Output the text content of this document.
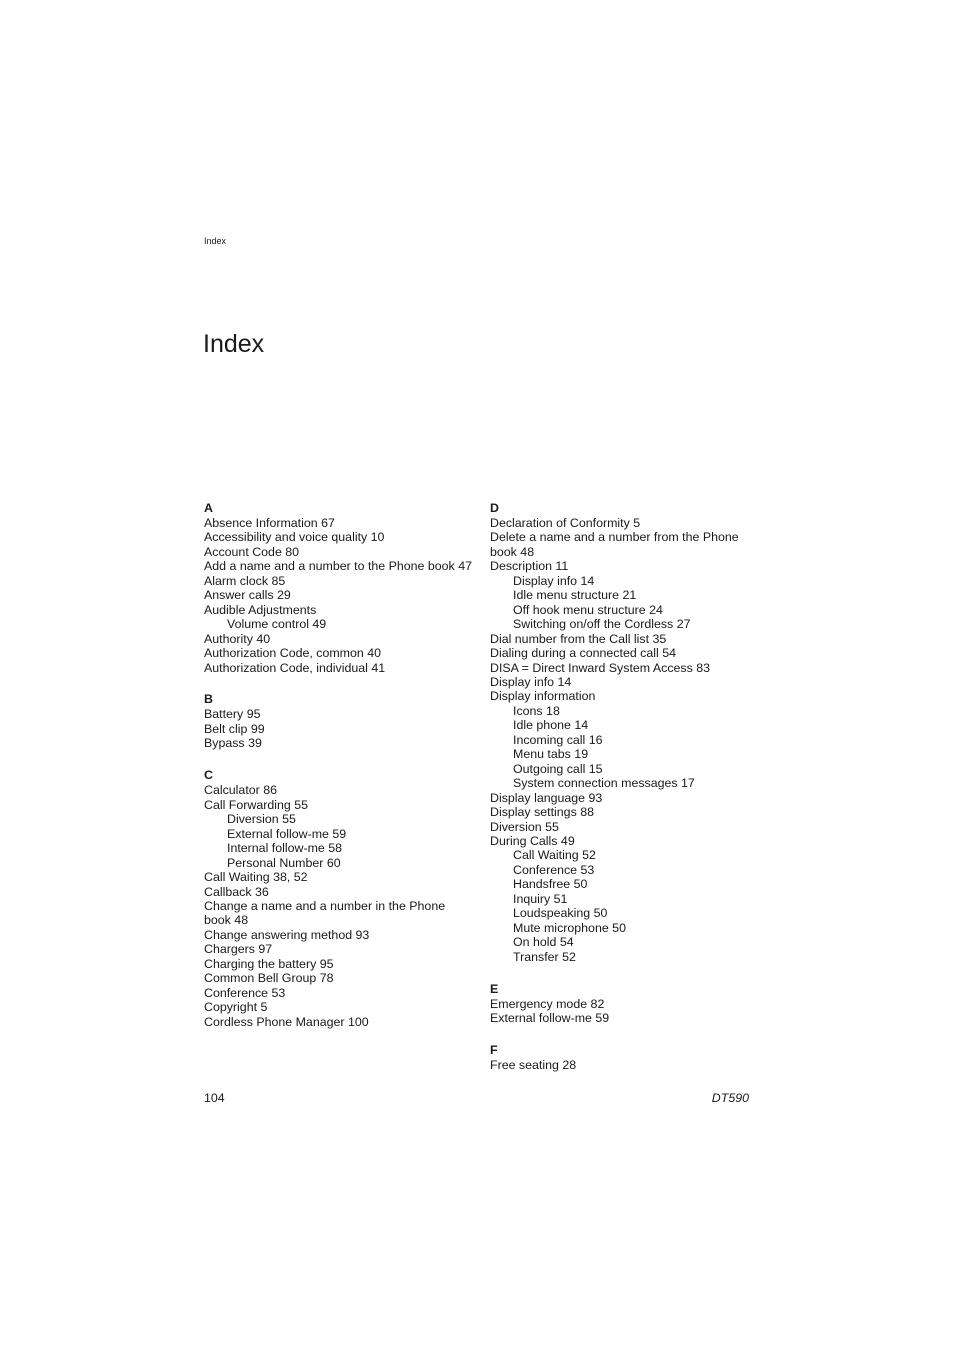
Index
Index
A
Absence Information 67
Accessibility and voice quality 10
Account Code 80
Add a name and a number to the Phone book 47
Alarm clock 85
Answer calls 29
Audible Adjustments
Volume control 49
Authority 40
Authorization Code, common 40
Authorization Code, individual 41
B
Battery 95
Belt clip 99
Bypass 39
C
Calculator 86
Call Forwarding 55
Diversion 55
External follow-me 59
Internal follow-me 58
Personal Number 60
Call Waiting 38, 52
Callback 36
Change a name and a number in the Phone book 48
Change answering method 93
Chargers 97
Charging the battery 95
Common Bell Group 78
Conference 53
Copyright 5
Cordless Phone Manager 100
D
Declaration of Conformity 5
Delete a name and a number from the Phone book 48
Description 11
Display info 14
Idle menu structure 21
Off hook menu structure 24
Switching on/off the Cordless 27
Dial number from the Call list 35
Dialing during a connected call 54
DISA = Direct Inward System Access 83
Display info 14
Display information
Icons 18
Idle phone 14
Incoming call 16
Menu tabs 19
Outgoing call 15
System connection messages 17
Display language 93
Display settings 88
Diversion 55
During Calls 49
Call Waiting 52
Conference 53
Handsfree 50
Inquiry 51
Loudspeaking 50
Mute microphone 50
On hold 54
Transfer 52
E
Emergency mode 82
External follow-me 59
F
Free seating 28
104	DT590
